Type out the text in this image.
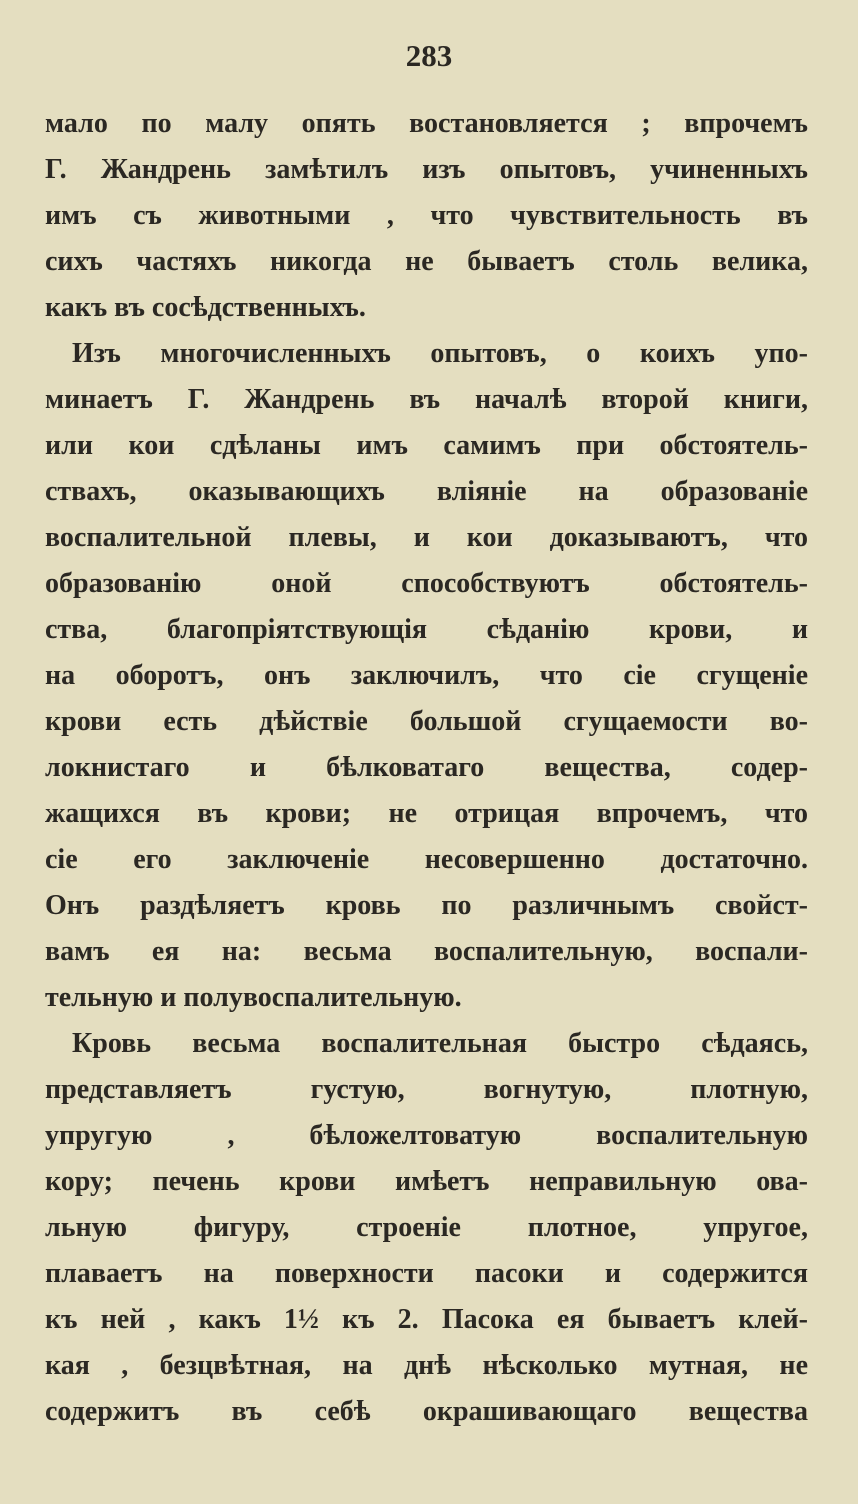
283
мало по малу опять востановляется ; впрочемъ
Г. Жандрень замѣтилъ изъ опытовъ, учиненныхъ
имъ съ животными , что чувствительность въ
сихъ частяхъ никогда не бываетъ столь велика,
какъ въ сосѣдственныхъ.
Изъ многочисленныхъ опытовъ, о коихъ упо-
минаетъ Г. Жандрень въ началѣ второй книги,
или кои сдѣланы имъ самимъ при обстоятель-
ствахъ, оказывающихъ вліяніе на образованіе
воспалительной плевы, и кои доказываютъ, что
образованію оной способствуютъ обстоятель-
ства, благопріятствующія сѣданію крови, и
на оборотъ, онъ заключилъ, что сіе сгущеніе
крови есть дѣйствіе большой сгущаемости во-
локнистаго и бѣлковатаго вещества, содер-
жащихся въ крови; не отрицая впрочемъ, что
сіе его заключеніе несовершенно достаточно.
Онъ раздѣляетъ кровь по различнымъ свойст-
вамъ ея на: весьма воспалительную, воспали-
тельную и полувоспалительную.
Кровь весьма воспалительная быстро сѣдаясь,
представляетъ густую, вогнутую, плотную,
упругую , бѣложелтоватую воспалительную
кору; печень крови имѣетъ неправильную ова-
льную фигуру, строеніе плотное, упругое,
плаваетъ на поверхности пасоки и содержится
къ ней , какъ 1½ къ 2. Пасока ея бываетъ клей-
кая , безцвѣтная, на днѣ нѣсколько мутная, не
содержитъ въ себѣ окрашивающаго вещества
